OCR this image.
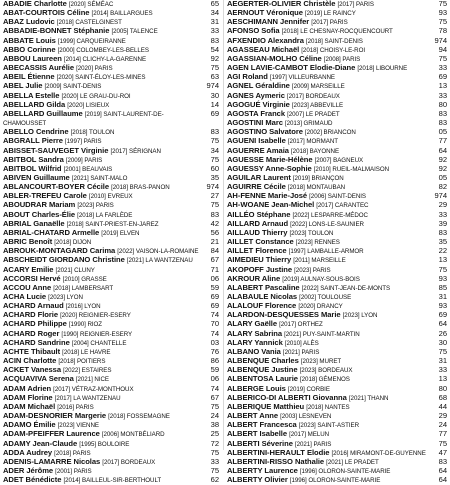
ABADIE Charlotte [2020] SÉMÉAC	65
ABAT-COURTOIS Céline [2014] BAILLARGUES	34
ABAZ Ludovic [2018] CASTELGINEST	31
ABBADIE-BONNET Stéphanie [2005] TALENCE	33
ABBATE Louis [1999] CARQUEIRANNE	83
ABBO Corinne [2000] COLOMBEY-LES-BELLES	54
ABBOU Laureen [2014] CLICHY-LA-GARENNE	92
ABECASSIS Aurélie [2020] PARIS	75
ABEIL Étienne [2020] SAINT-ÉLOY-LES-MINES	63
ABEL Julie [2009] SAINT-DENIS	974
ABELLA Estelle [2020] LE GRAU-DU-ROI	30
ABELLARD Gilda [2020] LISIEUX	14
ABELLARD Guillaume [2019] SAINT-LAURENT-DE-CHAMOUSSET
69
ABELLO Cendrine [2018] TOULON	83
ABGRALL Pierre [1997] PARIS	75
ABISSET-SAUVEGET Virginie [2017] SÉRIGNAN	34
ABITBOL Sandra [2009] PARIS	75
ABITBOL Wilfrid [2001] BEAUVAIS	60
ABIVEN Guillaume [2021] SAINT-MALO	35
ABLANCOURT-BOYER Cécile [2018] BRAS-PANON	974
ABLER-TREFEU Carole [2010] EVREUX	27
ABOUDRAR Mariam [2023] PARIS	75
ABOUT Charles-Élie [2018] LA FARLÈDE	83
ABRIAL Ganaëlle [2018] SAINT-PRIEST-EN-JAREZ	42
ABRIAL-CHATARD Armelle [2019] ELVEN	56
ABRIC Benoît [2018] DIJON	21
ABROUK-MONTAGARD Carima [2022] VAISON-LA-ROMAINE	84
ABSCHEIDT GIORDANO Christine [2021] LA WANTZENAU	67
ACARY Emilie [2021] CLUNY	71
ACCORSI Hervé [2010] GRASSE	06
ACCOU Anne [2018] LAMBERSART	59
ACHA Lucie [2023] LYON	69
ACHARD Arnaud [2016] LYON	69
ACHARD Florie [2020] REIGNIER-ESERY	74
ACHARD Philippe [1990] RIOZ	70
ACHARD Roger [1990] REIGNIER-ESERY	74
ACHARD Sandrine [2004] CHANTELLE	03
ACHTE Thibault [2018] LE HAVRE	76
ACIN Charlotte [2018] POITIERS	86
ACKET Vanessa [2022] ESTAIRES	59
ACQUAVIVA Serena [2021] NICE	06
ADAM Adrien [2017] VÉTRAZ-MONTHOUX	74
ADAM Florine [2017] LA WANTZENAU	67
ADAM Michaël [2016] PARIS	75
ADAM-DESNORIER Margerie [2018] FOSSEMAGNE	24
ADAMO Émilie [2023] VIENNE	38
ADAM-PFEIFFER Laurence [2006] MONTBÉLIARD	25
ADAMY Jean-Claude [1995] BOULOIRE	72
ADDA Audrey [2018] PARIS	75
ADENIS-LAMARRE Nicolas [2017] BORDEAUX	33
ADER Jérôme [2001] PARIS	75
ADET Bénédicte [2014] BAILLEUL-SIR-BERTHOULT	62
AEGERTER-OLIVIER Christèle [2017] PARIS	75
AERNOUT Véronique [2019] LE RAINCY	93
AESCHIMANN Jennifer [2017] PARIS	75
AFONSO Sofia [2018] LE CHESNAY-ROCQUENCOURT	78
AFXENDIO Alexandra [2018] SAINT-DENIS	974
AGASSEAU Michaël [2018] CHOISY-LE-ROI	94
AGASSIAN-MOLHO Céline [2008] PARIS	75
AGEN LAVIE-CAMBOT Elodie-Diane [2018] LIBOURNE	33
AGI Roland [1997] VILLEURBANNE	69
AGNEL Géraldine [2009] MARSEILLE	13
AGNES Aymeric [2017] BORDEAUX	33
AGOGUÉ Virginie [2023] ABBEVILLE	80
AGOSTA Franck [2007] LE PRADET	83
AGOSTINI Marc [2013] GRIMAUD	83
AGOSTINO Salvatore [2002] BRIANCON	05
AGUENI Isabelle [2017] MORMANT	77
AGUERRE Amaia [2018] BAYONNE	64
AGUESSE Marie-Hélène [2007] BAGNEUX	92
AGUESSY Anne-Sophie [2010] RUEIL-MALMAISON	92
AGUILAR Laurent [2019] BRIANÇON	05
AGUIRRE Cécile [2018] MONTAUBAN	82
AH-FENNE Marie-José [2006] SAINT-DENIS	974
AH-WOANE Jean-Michel [2017] CARANTEC	29
AILLÉO Stéphane [2022] LESPARRE-MÉDOC	33
AILLARD Arnaud [2022] LONS-LE-SAUNIER	39
AILLAUD Thierry [2023] TOULON	83
AILLET Constance [2023] RENNES	35
AILLET Florence [1997] LAMBALLE-ARMOR	22
AIMEDIEU Thierry [2011] MARSEILLE	13
AKOPOFF Justine [2023] PARIS	75
AKROUR Aline [2019] AULNAY-SOUS-BOIS	93
ALABERT Pascaline [2022] SAINT-JEAN-DE-MONTS	85
ALABAULE Nicolas [2002] TOULOUSE	31
ALALOUF Florence [2020] DRANCY	93
ALARDON-DESQUESSES Marie [2023] LYON	69
ALARY Gaëlle [2017] ORTHEZ	64
ALARY Sabrina [2021] PUY-SAINT-MARTIN	26
ALARY Yannick [2010] ALÈS	30
ALBANO Vania [2021] PARIS	75
ALBENQUE Charles [2023] MURET	31
ALBENQUE Justine [2023] BORDEAUX	33
ALBENTOSA Laurie [2018] GÉMENOS	13
ALBERGE Louis [2019] CORBIE	80
ALBERICO-DI ALBERTI Giovanna [2021] THANN	68
ALBERIQUE Matthieu [2018] NANTES	44
ALBERT Anne [2003] LESNEVEN	29
ALBERT Francesca [2023] SAINT-ASTIER	24
ALBERT Isabelle [2017] MELUN	77
ALBERTI Séverine [2021] PARIS	75
ALBERTINI-HERAULT Elodie [2016] MIRAMONT-DE-GUYENNE	47
ALBERTINI-RISSO Nathalie [2021] LE PRADET	83
ALBERTY Laurence [1996] OLORON-SAINTE-MARIE	64
ALBERTY Olivier [1996] OLORON-SAINTE-MARIE	64
